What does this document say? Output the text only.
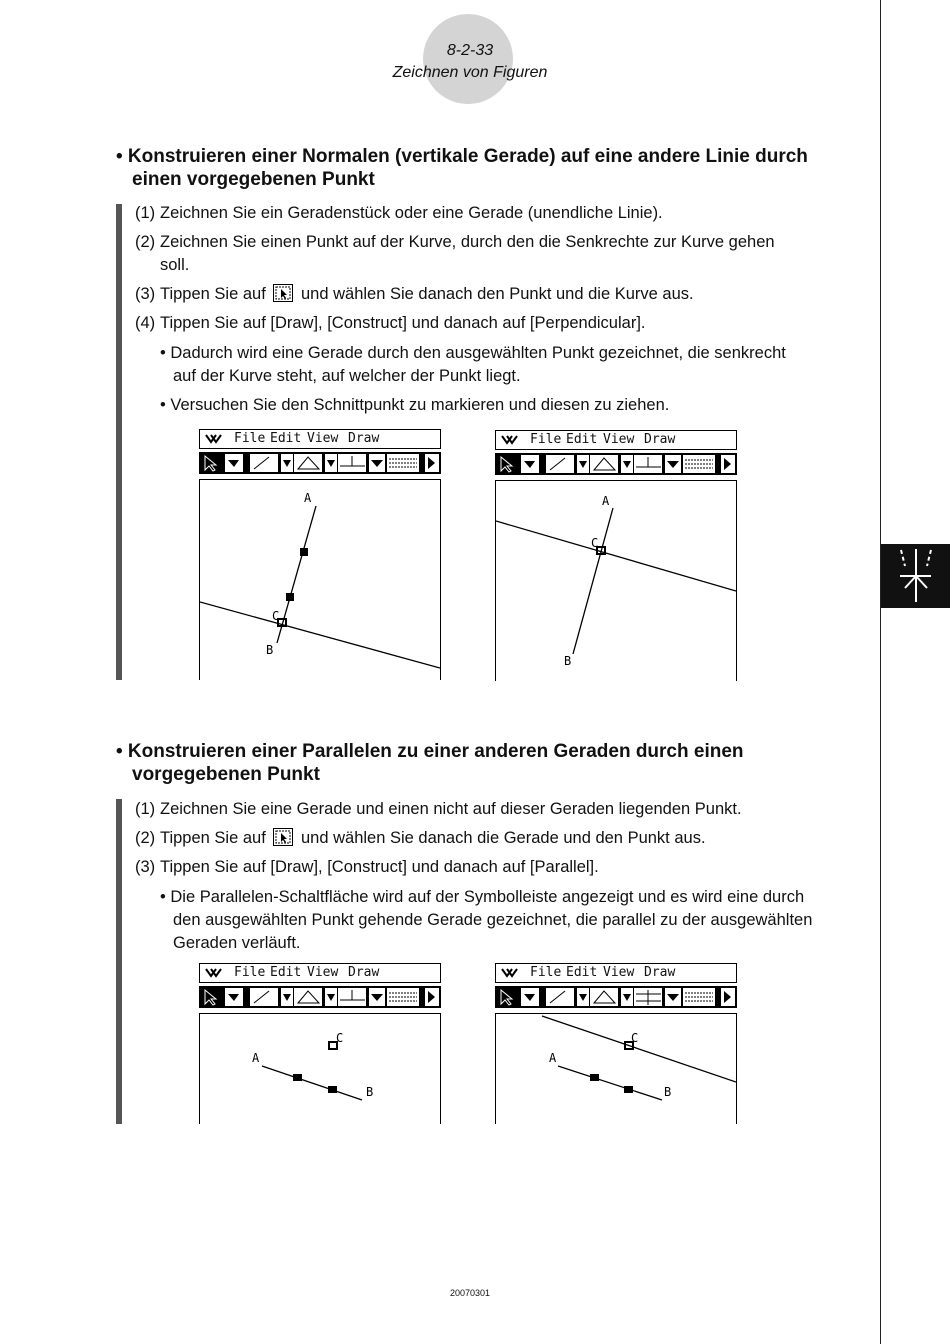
8-2-33
Zeichnen von Figuren
• Konstruieren einer Normalen (vertikale Gerade) auf eine andere Linie durch
einen vorgegebenen Punkt
(1) Zeichnen Sie ein Geradenstück oder eine Gerade (unendliche Linie).
(2) Zeichnen Sie einen Punkt auf der Kurve, durch den die Senkrechte zur Kurve gehen
soll.
(3) Tippen Sie auf und wählen Sie danach den Punkt und die Kurve aus.
(4) Tippen Sie auf [Draw], [Construct] und danach auf [Perpendicular].
• Dadurch wird eine Gerade durch den ausgewählten Punkt gezeichnet, die senkrecht
auf der Kurve steht, auf welcher der Punkt liegt.
• Versuchen Sie den Schnittpunkt zu markieren und diesen zu ziehen.
File Edit View Draw
A
B
C
File Edit View Draw
A
B
C
• Konstruieren einer Parallelen zu einer anderen Geraden durch einen
vorgegebenen Punkt
(1) Zeichnen Sie eine Gerade und einen nicht auf dieser Geraden liegenden Punkt.
(2) Tippen Sie auf und wählen Sie danach die Gerade und den Punkt aus.
(3) Tippen Sie auf [Draw], [Construct] und danach auf [Parallel].
• Die Parallelen-Schaltfläche wird auf der Symbolleiste angezeigt und es wird eine durch
den ausgewählten Punkt gehende Gerade gezeichnet, die parallel zu der ausgewählten
Geraden verläuft.
File Edit View Draw
A
B
C
File Edit View Draw
A
B
C
20070301
